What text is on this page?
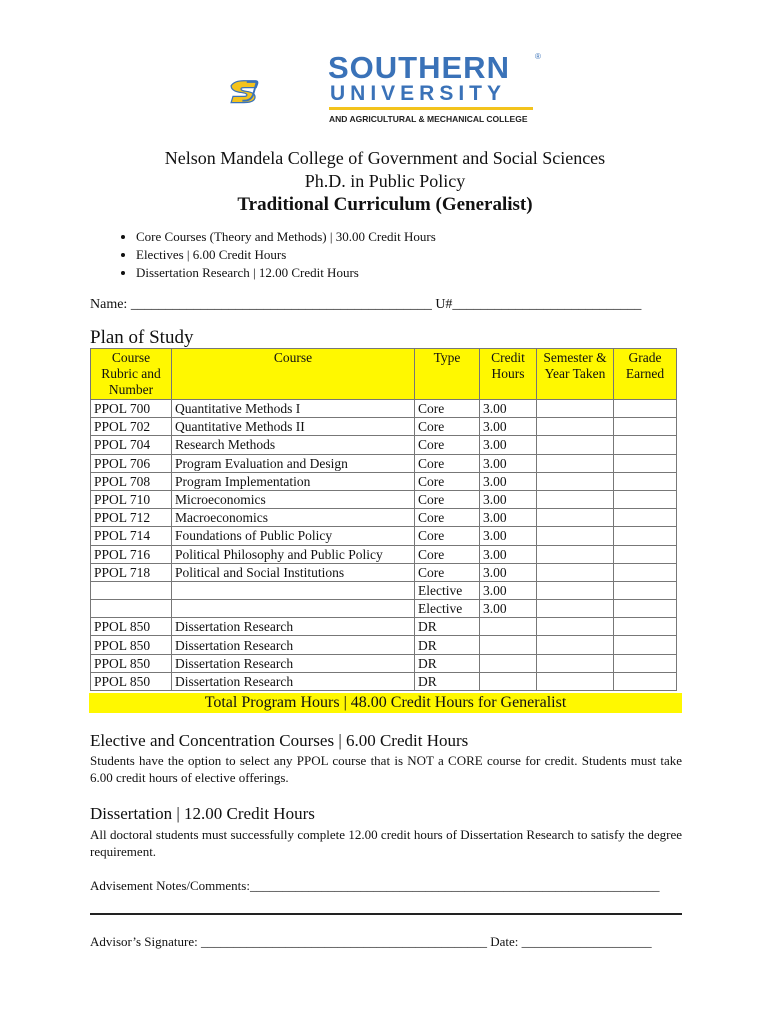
SOUTHERN	®
UNIVERSITY
AND AGRICULTURAL & MECHANICAL COLLEGE
Nelson Mandela College of Government and Social Sciences
Ph.D. in Public Policy
Traditional Curriculum (Generalist)
• Core Courses (Theory and Methods) | 30.00 Credit Hours
• Electives | 6.00 Credit Hours
• Dissertation Research | 12.00 Credit Hours
Name: ___________________________________________ U#___________________________
Plan of Study
Course Rubric and Number	Course	Type	Credit Hours	Semester & Year Taken	Grade Earned
PPOL 700	Quantitative Methods I	Core	3.00		
PPOL 702	Quantitative Methods II	Core	3.00		
PPOL 704	Research Methods	Core	3.00		
PPOL 706	Program Evaluation and Design	Core	3.00		
PPOL 708	Program Implementation	Core	3.00		
PPOL 710	Microeconomics	Core	3.00		
PPOL 712	Macroeconomics	Core	3.00		
PPOL 714	Foundations of Public Policy	Core	3.00		
PPOL 716	Political Philosophy and Public Policy	Core	3.00		
PPOL 718	Political and Social Institutions	Core	3.00		
		Elective	3.00		
		Elective	3.00		
PPOL 850	Dissertation Research	DR			
PPOL 850	Dissertation Research	DR			
PPOL 850	Dissertation Research	DR			
PPOL 850	Dissertation Research	DR			
Total Program Hours | 48.00 Credit Hours for Generalist
Elective and Concentration Courses | 6.00 Credit Hours
Students have the option to select any PPOL course that is NOT a CORE course for credit. Students must take 6.00 credit hours of elective offerings.
Dissertation | 12.00 Credit Hours
All doctoral students must successfully complete 12.00 credit hours of Dissertation Research to satisfy the degree requirement.
Advisement Notes/Comments:_______________________________________________________________
Advisor’s Signature: ____________________________________________ Date: ____________________
